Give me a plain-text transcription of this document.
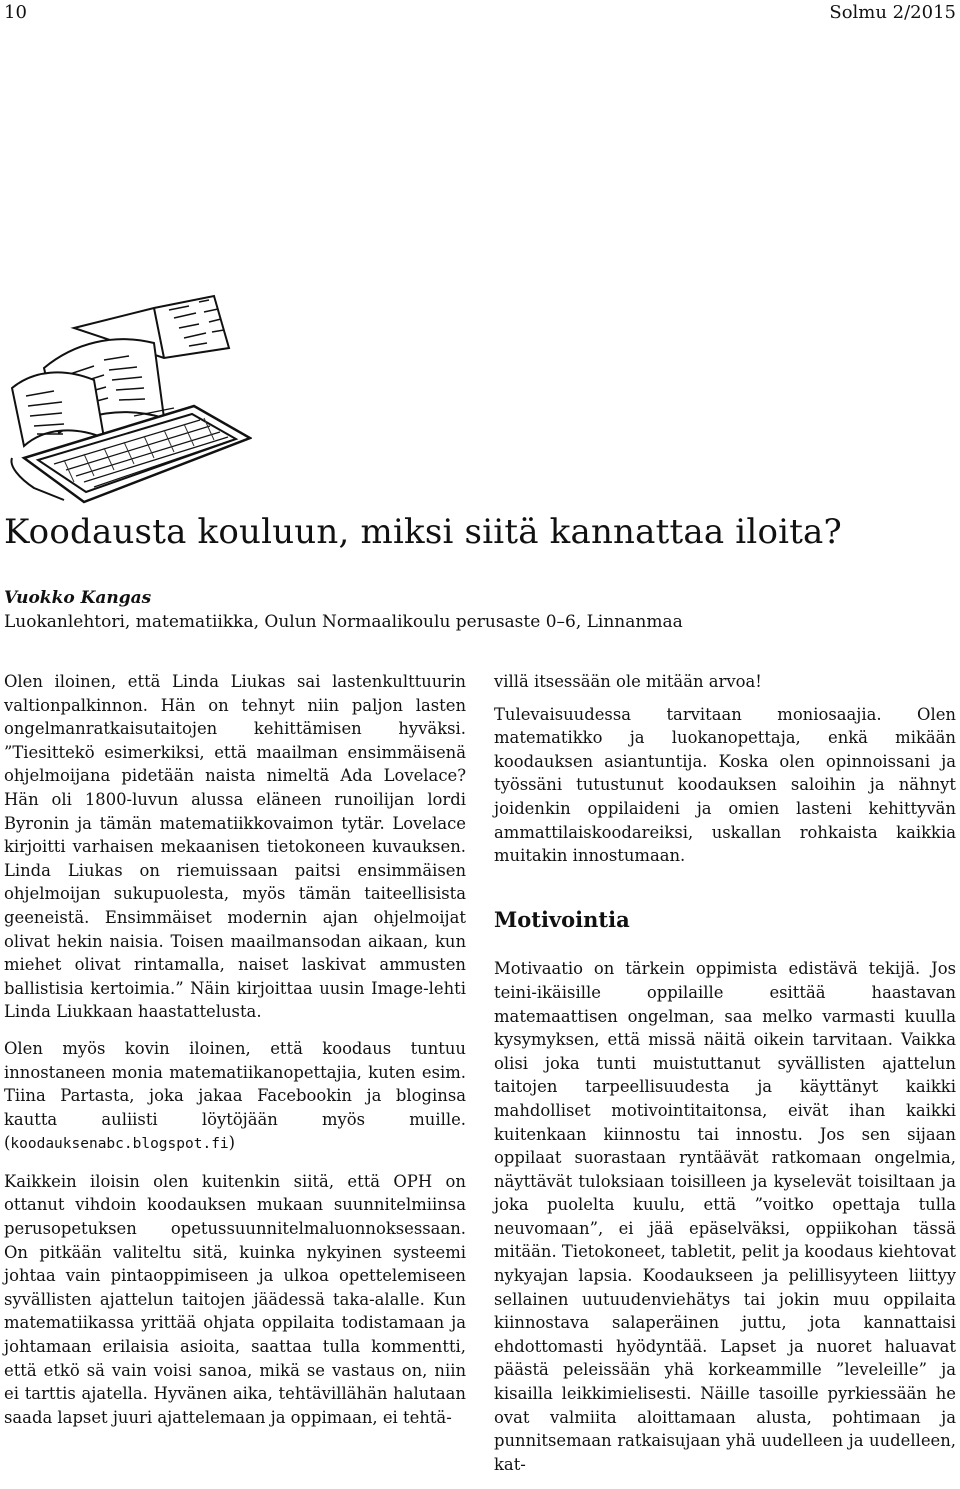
10	Solmu 2/2015
Koodausta kouluun, miksi siitä kannattaa iloita?
Vuokko Kangas
Luokanlehtori, matematiikka, Oulun Normaalikoulu perusaste 0–6, Linnanmaa

Olen iloinen, että Linda Liukas sai lastenkulttuurin valtionpalkinnon. Hän on tehnyt niin paljon lasten ongelmanratkaisutaitojen kehittämisen hyväksi. ”Tiesittekö esimerkiksi, että maailman ensimmäisenä ohjelmoijana pidetään naista nimeltä Ada Lovelace? Hän oli 1800-luvun alussa eläneen runoilijan lordi Byronin ja tämän matematiikkovaimon tytär. Lovelace kirjoitti varhaisen mekaanisen tietokoneen kuvauksen. Linda Liukas on riemuissaan paitsi ensimmäisen ohjelmoijan sukupuolesta, myös tämän taiteellisista geeneistä. Ensimmäiset modernin ajan ohjelmoijat olivat hekin naisia. Toisen maailmansodan aikaan, kun miehet olivat rintamalla, naiset laskivat ammusten ballistisia kertoimia.” Näin kirjoittaa uusin Image-lehti Linda Liukkaan haastattelusta.

Olen myös kovin iloinen, että koodaus tuntuu innostaneen monia matematiikanopettajia, kuten esim. Tiina Partasta, joka jakaa Facebookin ja bloginsa kautta auliisti löytöjään myös muille. (koodauksenabc.blogspot.fi)

Kaikkein iloisin olen kuitenkin siitä, että OPH on ottanut vihdoin koodauksen mukaan suunnitelmiinsa perusopetuksen opetussuunnitelmaluonnoksessaan. On pitkään valiteltu sitä, kuinka nykyinen systeemi johtaa vain pintaoppimiseen ja ulkoa opettelemiseen syvällisten ajattelun taitojen jäädessä taka-alalle. Kun matematiikassa yrittää ohjata oppilaita todistamaan ja johtamaan erilaisia asioita, saattaa tulla kommentti, että etkö sä vain voisi sanoa, mikä se vastaus on, niin ei tarttis ajatella. Hyvänen aika, tehtävillähän halutaan saada lapset juuri ajattelemaan ja oppimaan, ei tehtä-

villä itsessään ole mitään arvoa!

Tulevaisuudessa tarvitaan moniosaajia. Olen matematikko ja luokanopettaja, enkä mikään koodauksen asiantuntija. Koska olen opinnoissani ja työssäni tutustunut koodauksen saloihin ja nähnyt joidenkin oppilaideni ja omien lasteni kehittyvän ammattilaiskoodareiksi, uskallan rohkaista kaikkia muitakin innostumaan.

Motivointia

Motivaatio on tärkein oppimista edistävä tekijä. Jos teini-ikäisille oppilaille esittää haastavan matemaattisen ongelman, saa melko varmasti kuulla kysymyksen, että missä näitä oikein tarvitaan. Vaikka olisi joka tunti muistuttanut syvällisten ajattelun taitojen tarpeellisuudesta ja käyttänyt kaikki mahdolliset motivointitaitonsa, eivät ihan kaikki kuitenkaan kiinnostu tai innostu. Jos sen sijaan oppilaat suorastaan ryntäävät ratkomaan ongelmia, näyttävät tuloksiaan toisilleen ja kyselevät toisiltaan ja joka puolelta kuulu, että ”voitko opettaja tulla neuvomaan”, ei jää epäselväksi, oppiikohan tässä mitään. Tietokoneet, tabletit, pelit ja koodaus kiehtovat nykyajan lapsia. Koodaukseen ja pelillisyyteen liittyy sellainen uutuudenviehätys tai jokin muu oppilaita kiinnostava salaperäinen juttu, jota kannattaisi ehdottomasti hyödyntää. Lapset ja nuoret haluavat päästä peleissään yhä korkeammille ”leveleille” ja kisailla leikkimielisesti. Näille tasoille pyrkiessään he ovat valmiita aloittamaan alusta, pohtimaan ja punnitsemaan ratkaisujaan yhä uudelleen ja uudelleen, kat-
